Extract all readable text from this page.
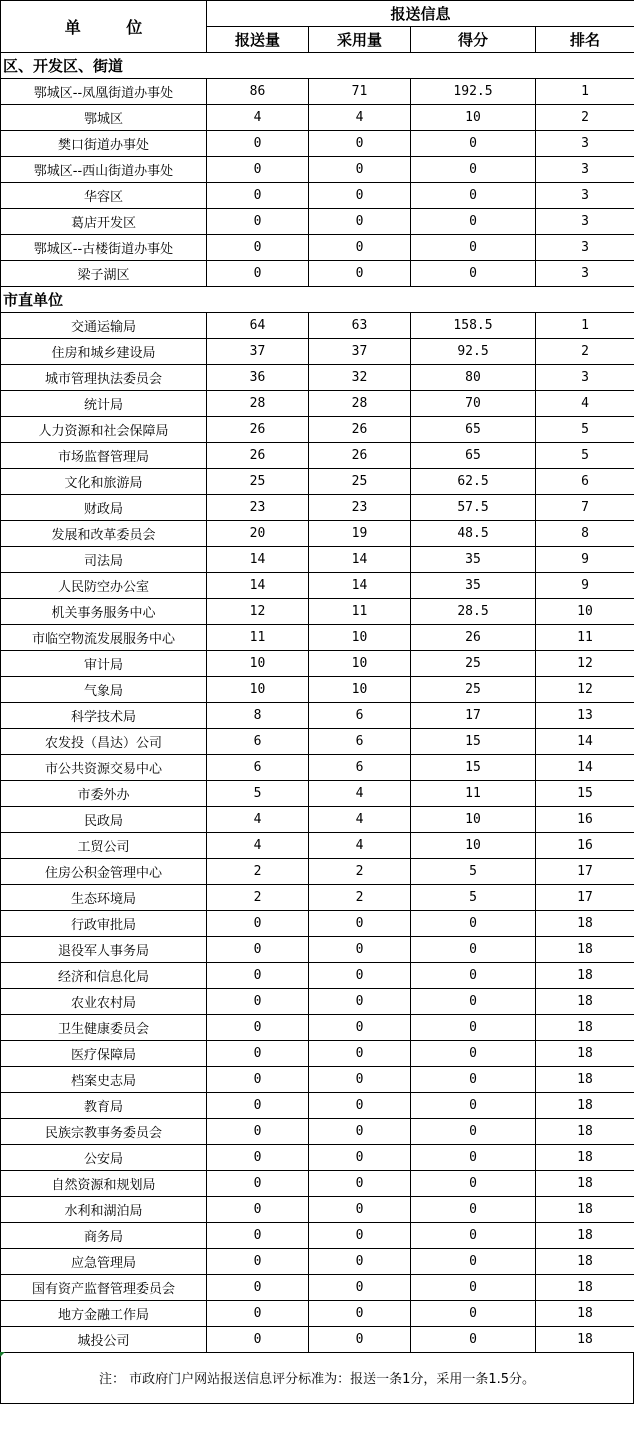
单 位	报送信息			
	报送量	采用量	得分	排名
区、开发区、街道				
鄂城区--凤凰街道办事处	86	71	192.5	1
鄂城区	4	4	10	2
樊口街道办事处	0	0	0	3
鄂城区--西山街道办事处	0	0	0	3
华容区	0	0	0	3
葛店开发区	0	0	0	3
鄂城区--古楼街道办事处	0	0	0	3
梁子湖区	0	0	0	3
市直单位				
交通运输局	64	63	158.5	1
住房和城乡建设局	37	37	92.5	2
城市管理执法委员会	36	32	80	3
统计局	28	28	70	4
人力资源和社会保障局	26	26	65	5
市场监督管理局	26	26	65	5
文化和旅游局	25	25	62.5	6
财政局	23	23	57.5	7
发展和改革委员会	20	19	48.5	8
司法局	14	14	35	9
人民防空办公室	14	14	35	9
机关事务服务中心	12	11	28.5	10
市临空物流发展服务中心	11	10	26	11
审计局	10	10	25	12
气象局	10	10	25	12
科学技术局	8	6	17	13
农发投（昌达）公司	6	6	15	14
市公共资源交易中心	6	6	15	14
市委外办	5	4	11	15
民政局	4	4	10	16
工贸公司	4	4	10	16
住房公积金管理中心	2	2	5	17
生态环境局	2	2	5	17
行政审批局	0	0	0	18
退役军人事务局	0	0	0	18
经济和信息化局	0	0	0	18
农业农村局	0	0	0	18
卫生健康委员会	0	0	0	18
医疗保障局	0	0	0	18
档案史志局	0	0	0	18
教育局	0	0	0	18
民族宗教事务委员会	0	0	0	18
公安局	0	0	0	18
自然资源和规划局	0	0	0	18
水利和湖泊局	0	0	0	18
商务局	0	0	0	18
应急管理局	0	0	0	18
国有资产监督管理委员会	0	0	0	18
地方金融工作局	0	0	0	18
城投公司	0	0	0	18
注： 市政府门户网站报送信息评分标准为：报送一条1分，采用一条1.5分。
